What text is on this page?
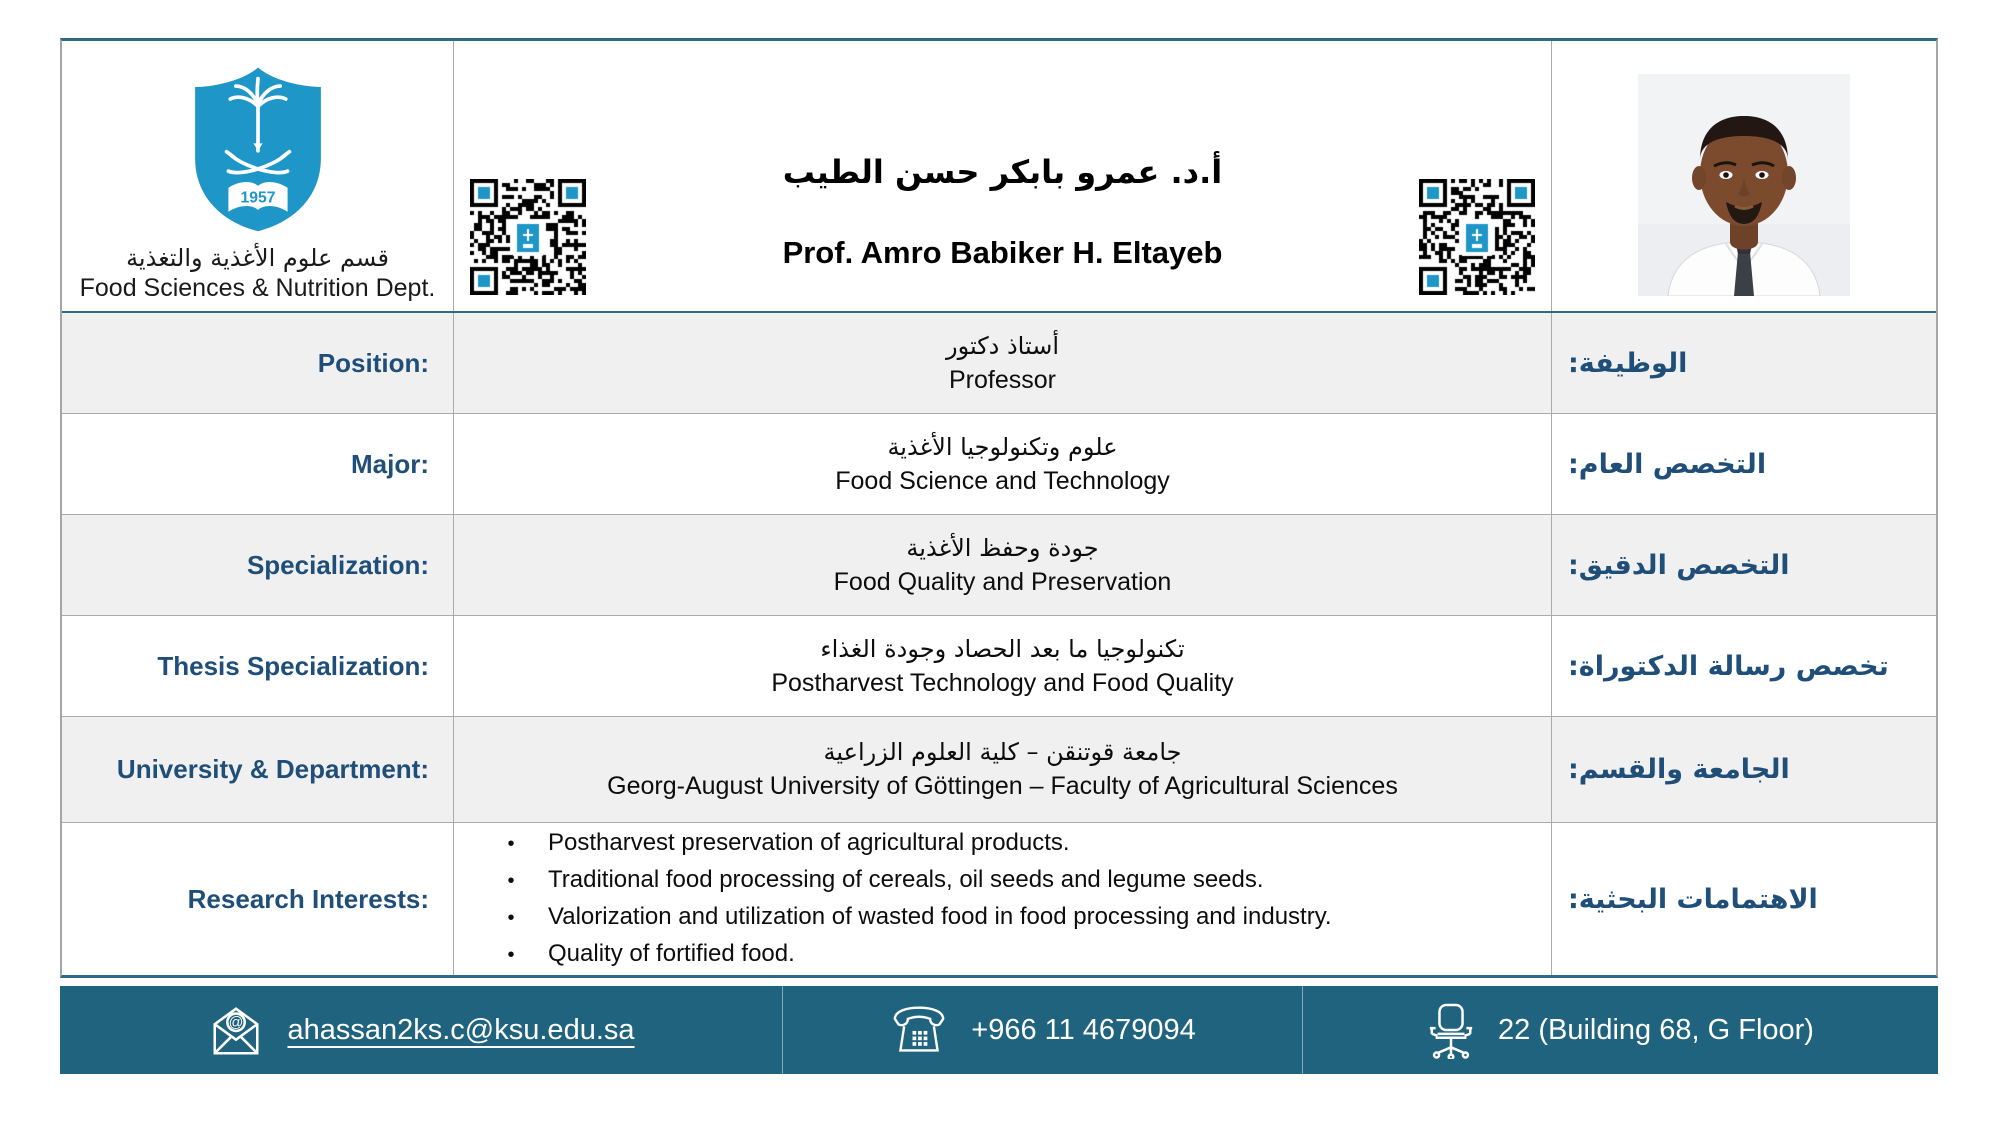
1957
قسم علوم الأغذية والتغذية
Food Sciences & Nutrition Dept.
أ.د. عمرو بابكر حسن الطيب
Prof. Amro Babiker H. Eltayeb
Position:
أستاذ دكتور
Professor
الوظيفة:
Major:
علوم وتكنولوجيا الأغذية
Food Science and Technology
التخصص العام:
Specialization:
جودة وحفظ الأغذية
Food Quality and Preservation
التخصص الدقيق:
Thesis Specialization:
تكنولوجيا ما بعد الحصاد وجودة الغذاء
Postharvest Technology and Food Quality
تخصص رسالة الدكتوراة:
University & Department:
جامعة قوتنقن – كلية العلوم الزراعية
Georg-August University of Göttingen – Faculty of Agricultural Sciences
الجامعة والقسم:
Research Interests:
• Postharvest preservation of agricultural products.
• Traditional food processing of cereals, oil seeds and legume seeds.
• Valorization and utilization of wasted food in food processing and industry.
• Quality of fortified food.
الاهتمامات البحثية:
@ ahassan2ks.c@ksu.edu.sa	+966 11 4679094	22 (Building 68, G Floor)
